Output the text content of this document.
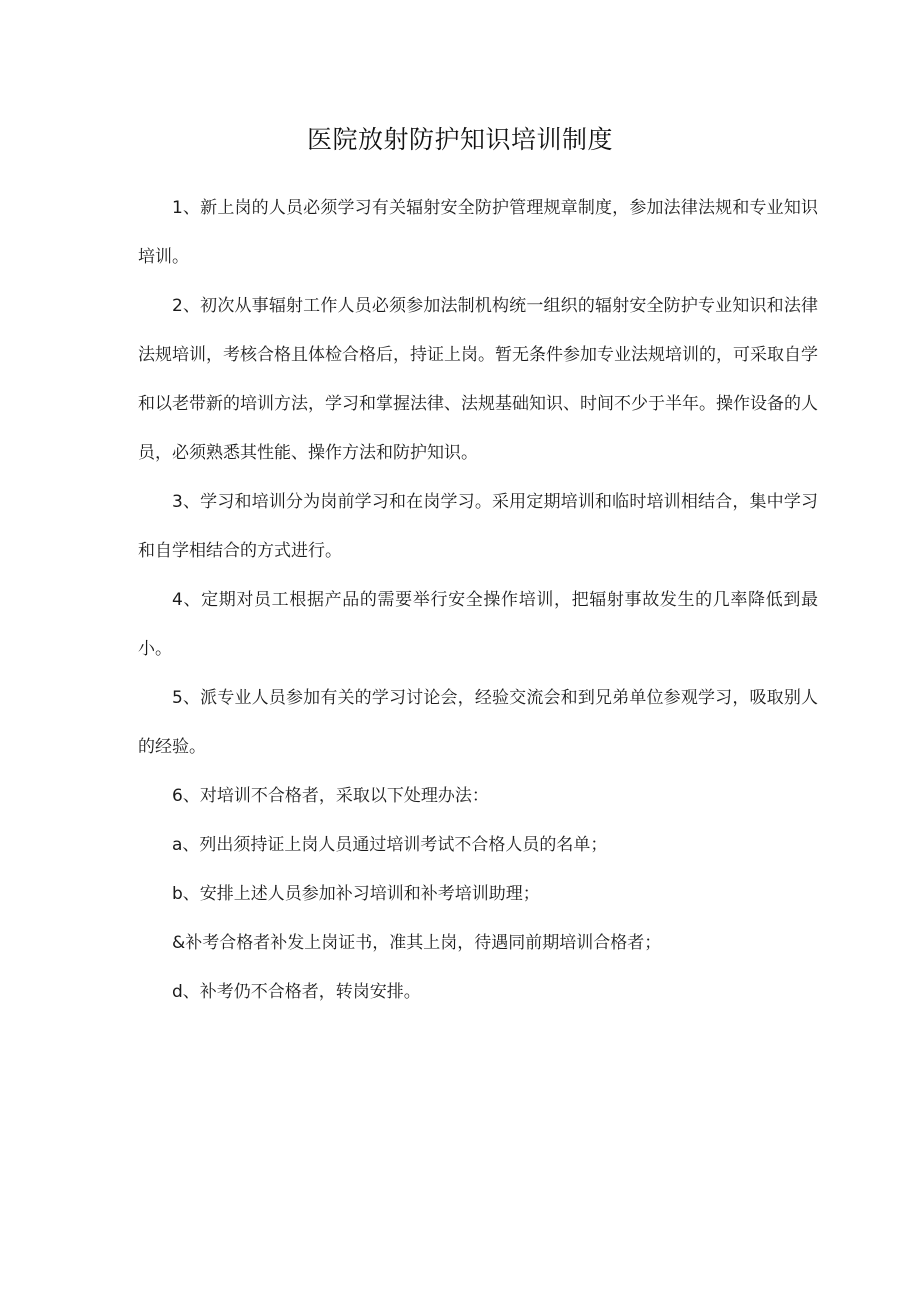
医院放射防护知识培训制度

1、新上岗的人员必须学习有关辐射安全防护管理规章制度，参加法律法规和专业知识培训。

2、初次从事辐射工作人员必须参加法制机构统一组织的辐射安全防护专业知识和法律法规培训，考核合格且体检合格后，持证上岗。暂无条件参加专业法规培训的，可采取自学和以老带新的培训方法，学习和掌握法律、法规基础知识、时间不少于半年。操作设备的人员，必须熟悉其性能、操作方法和防护知识。

3、学习和培训分为岗前学习和在岗学习。采用定期培训和临时培训相结合，集中学习和自学相结合的方式进行。

4、定期对员工根据产品的需要举行安全操作培训，把辐射事故发生的几率降低到最小。

5、派专业人员参加有关的学习讨论会，经验交流会和到兄弟单位参观学习，吸取别人的经验。

6、对培训不合格者，采取以下处理办法：

a、列出须持证上岗人员通过培训考试不合格人员的名单；

b、安排上述人员参加补习培训和补考培训助理；

&补考合格者补发上岗证书，准其上岗，待遇同前期培训合格者；

d、补考仍不合格者，转岗安排。
